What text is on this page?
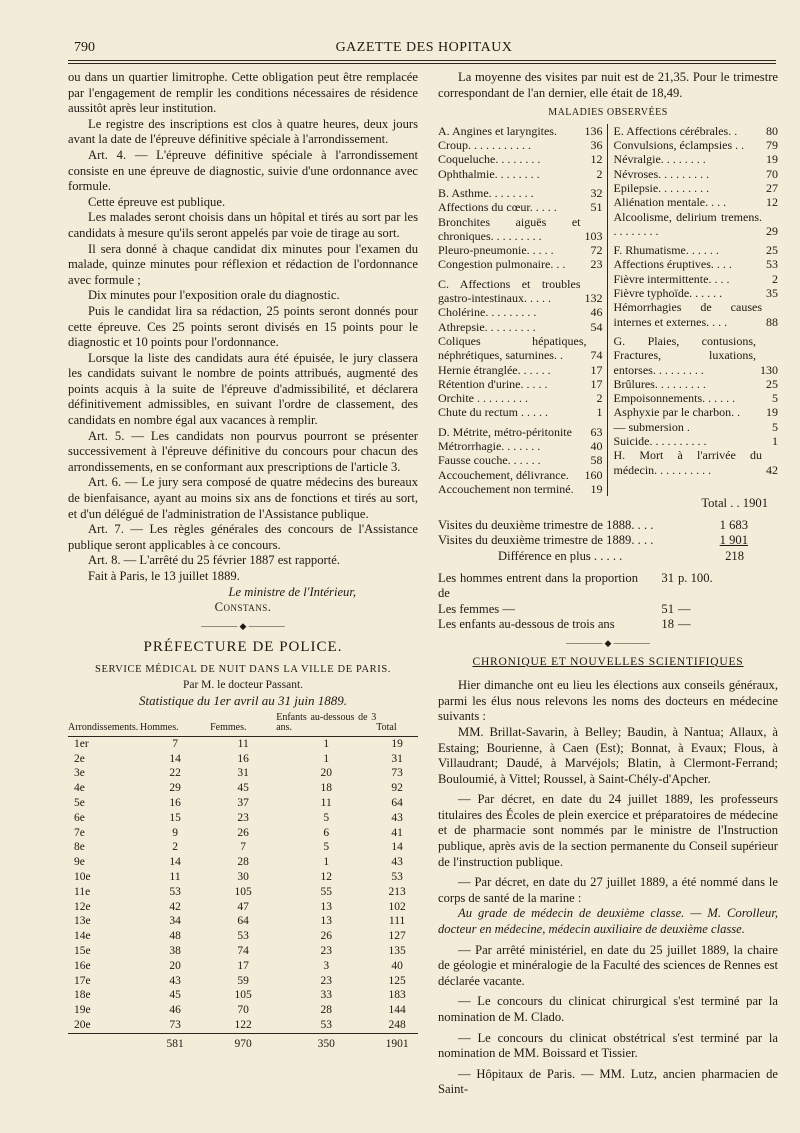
790	GAZETTE DES HOPITAUX

ou dans un quartier limitrophe. Cette obligation peut être remplacée par l'engagement de remplir les conditions nécessaires de résidence aussitôt après leur institution.

Le registre des inscriptions est clos à quatre heures, deux jours avant la date de l'épreuve définitive spéciale à l'arrondissement.

Art. 4. — L'épreuve définitive spéciale à l'arrondissement consiste en une épreuve de diagnostic, suivie d'une ordonnance avec formule.

Cette épreuve est publique.

Les malades seront choisis dans un hôpital et tirés au sort par les candidats à mesure qu'ils seront appelés par voie de tirage au sort.

Il sera donné à chaque candidat dix minutes pour l'examen du malade, quinze minutes pour réflexion et rédaction de l'ordonnance avec formule ;

Dix minutes pour l'exposition orale du diagnostic.

Puis le candidat lira sa rédaction, 25 points seront donnés pour cette épreuve. Ces 25 points seront divisés en 15 points pour le diagnostic et 10 points pour l'ordonnance.

Lorsque la liste des candidats aura été épuisée, le jury classera les candidats suivant le nombre de points attribués, augmenté des points acquis à la suite de l'épreuve d'admissibilité, et déclarera définitivement admissibles, en suivant l'ordre de classement, des candidats en nombre égal aux vacances à remplir.

Art. 5. — Les candidats non pourvus pourront se présenter successivement à l'épreuve définitive du concours pour chacun des arrondissements, en se conformant aux prescriptions de l'article 3.

Art. 6. — Le jury sera composé de quatre médecins des bureaux de bienfaisance, ayant au moins six ans de fonctions et tirés au sort, et d'un délégué de l'administration de l'Assistance publique.

Art. 7. — Les règles générales des concours de l'Assistance publique seront applicables à ce concours.

Art. 8. — L'arrêté du 25 février 1887 est rapporté.

Fait à Paris, le 13 juillet 1889.

Le ministre de l'Intérieur,

Constans.

———— ◆ ————
PRÉFECTURE DE POLICE.
SERVICE MÉDICAL DE NUIT DANS LA VILLE DE PARIS.

Par M. le docteur Passant.

Statistique du 1er avril au 31 juin 1889.

Arrondissements.	Hommes.	Femmes.	Enfants au-dessous de 3 ans.	Total
1er	7	11	1	19
2e	14	16	1	31
3e	22	31	20	73
4e	29	45	18	92
5e	16	37	11	64
6e	15	23	5	43
7e	9	26	6	41
8e	2	7	5	14
9e	14	28	1	43
10e	11	30	12	53
11e	53	105	55	213
12e	42	47	13	102
13e	34	64	13	111
14e	48	53	26	127
15e	38	74	23	135
16e	20	17	3	40
17e	43	59	23	125
18e	45	105	33	183
19e	46	70	28	144
20e	73	122	53	248
	581	970	350	1901

La moyenne des visites par nuit est de 21,35. Pour le trimestre correspondant de l'an dernier, elle était de 18,49.

MALADIES OBSERVÉES
A. Angines et laryngites.	136
Croup. . . . . . . . . . .	36
Coqueluche. . . . . . . .	12
Ophthalmie. . . . . . . .	2
B. Asthme. . . . . . . .	32
Affections du cœur. . . . .	51
Bronchites aiguës et chroniques. . . . . . . . .	103
Pleuro-pneumonie. . . . .	72
Congestion pulmonaire. . .	23
C. Affections et troubles gastro-intestinaux. . . . .	132
Cholérine. . . . . . . . .	46
Athrepsie. . . . . . . . .	54
Coliques hépatiques, néphrétiques, saturnines. .	74
Hernie étranglée. . . . . .	17
Rétention d'urine. . . . .	17
Orchite . . . . . . . . .	2
Chute du rectum . . . . .	1
D. Métrite, métro-péritonite	63
Métrorrhagie. . . . . . .	40
Fausse couche. . . . . .	58
Accouchement, délivrance.	160
Accouchement non terminé.	19
E. Affections cérébrales. .	80
Convulsions, éclampsies . .	79
Névralgie. . . . . . . .	19
Névroses. . . . . . . . .	70
Epilepsie. . . . . . . . .	27
Aliénation mentale. . . .	12
Alcoolisme, delirium tremens. . . . . . . . .	29
F. Rhumatisme. . . . . .	25
Affections éruptives. . . .	53
Fièvre intermittente. . . .	2
Fièvre typhoïde. . . . . .	35
Hémorrhagies de causes internes et externes. . . .	88
G. Plaies, contusions, Fractures, luxations, entorses. . . . . . . . .	130
Brûlures. . . . . . . . .	25
Empoisonnements. . . . . .	5
Asphyxie par le charbon. .	19
— submersion .	5
Suicide. . . . . . . . . .	1
H. Mort à l'arrivée du médecin. . . . . . . . . .	42
Total . . 1901
Visites du deuxième trimestre de 1888. . . .	1 683
Visites du deuxième trimestre de 1889. . . .	1 901
Différence en plus . . . . .	218
Les hommes entrent dans la proportion de
31 p. 100.
Les femmes —	51 —
Les enfants au-dessous de trois ans	18 —
———— ◆ ————
CHRONIQUE ET NOUVELLES SCIENTIFIQUES

Hier dimanche ont eu lieu les élections aux conseils généraux, parmi les élus nous relevons les noms des docteurs en médecine suivants :

MM. Brillat-Savarin, à Belley; Baudin, à Nantua; Allaux, à Estaing; Bourienne, à Caen (Est); Bonnat, à Evaux; Flous, à Villaudrant; Daudé, à Marvéjols; Blatin, à Clermont-Ferrand; Bouloumié, à Vittel; Roussel, à Saint-Chély-d'Apcher.

— Par décret, en date du 24 juillet 1889, les professeurs titulaires des Écoles de plein exercice et préparatoires de médecine et de pharmacie sont nommés par le ministre de l'Instruction publique, après avis de la section permanente du Conseil supérieur de l'instruction publique.

— Par décret, en date du 27 juillet 1889, a été nommé dans le corps de santé de la marine :

Au grade de médecin de deuxième classe. — M. Corolleur, docteur en médecine, médecin auxiliaire de deuxième classe.

— Par arrêté ministériel, en date du 25 juillet 1889, la chaire de géologie et minéralogie de la Faculté des sciences de Rennes est déclarée vacante.

— Le concours du clinicat chirurgical s'est terminé par la nomination de M. Clado.

— Le concours du clinicat obstétrical s'est terminé par la nomination de MM. Boissard et Tissier.

— Hôpitaux de Paris. — MM. Lutz, ancien pharmacien de Saint-
